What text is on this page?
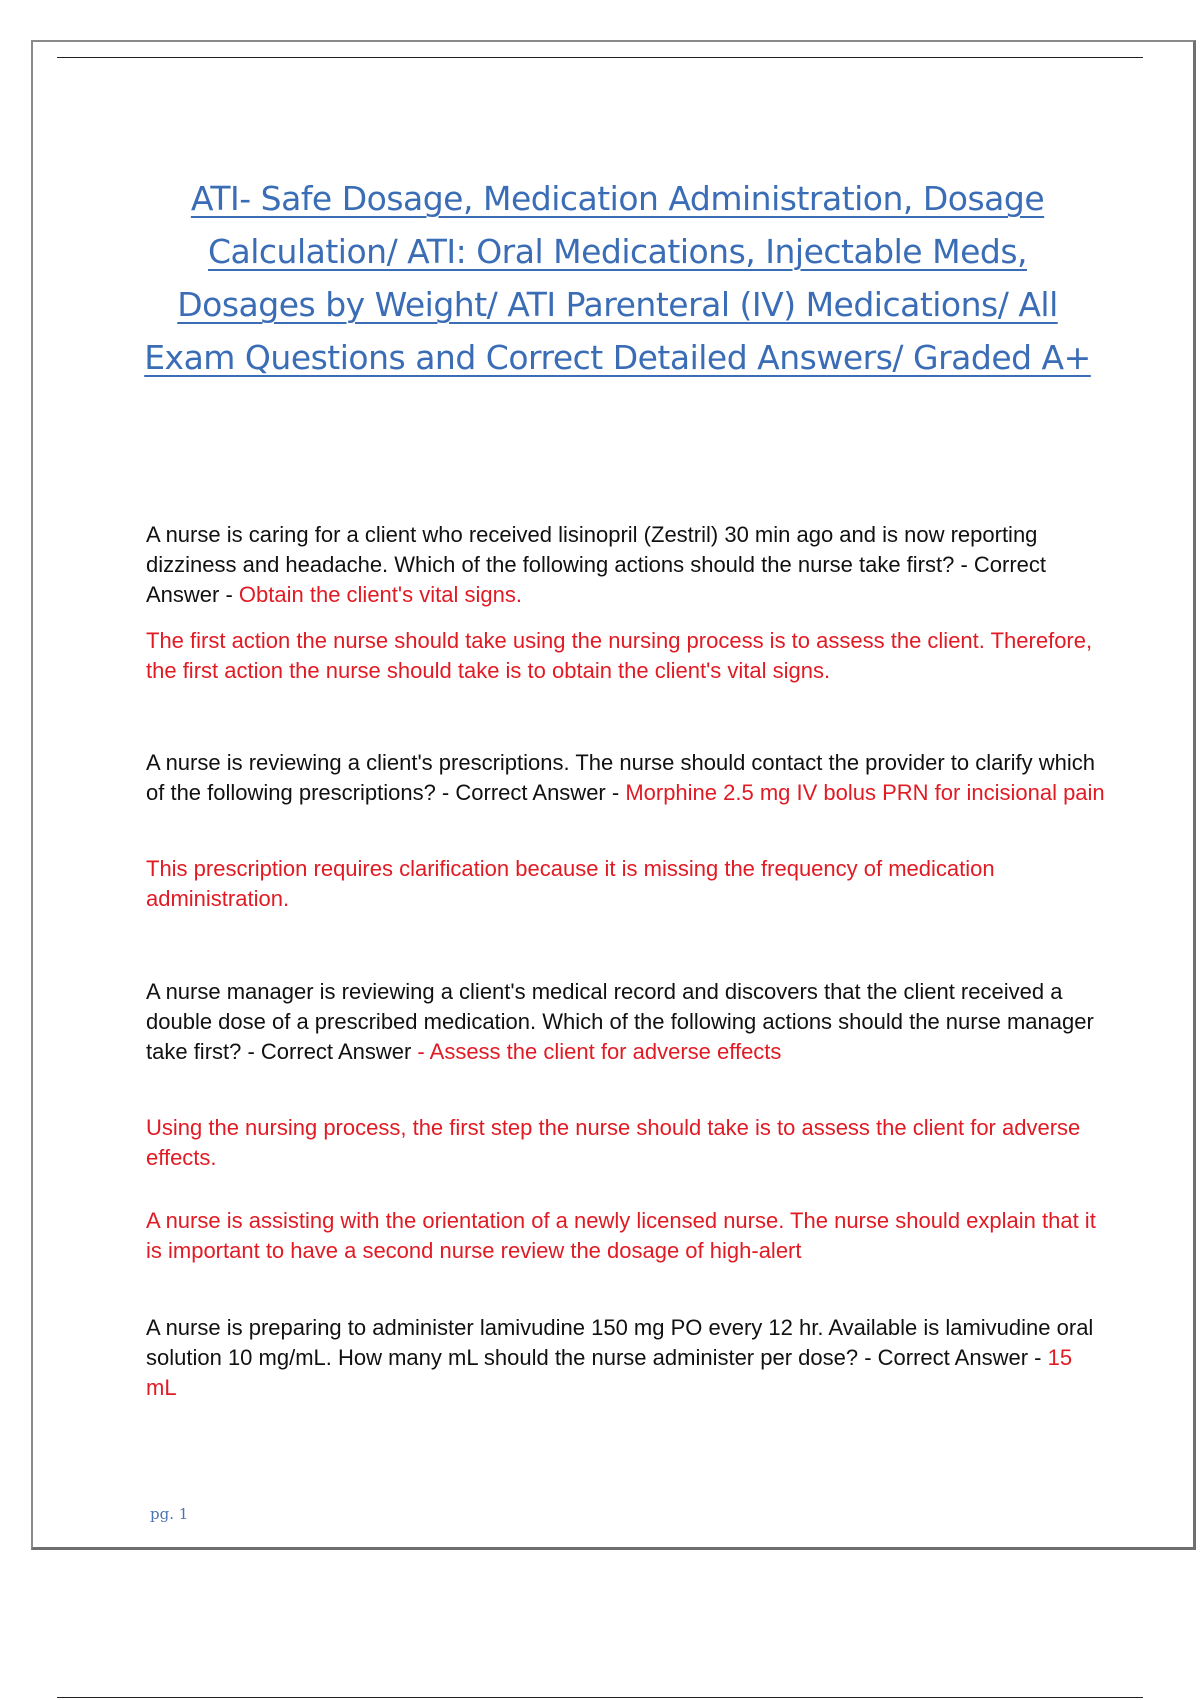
ATI- Safe Dosage, Medication Administration, Dosage
Calculation/ ATI: Oral Medications, Injectable Meds,
Dosages by Weight/ ATI Parenteral (IV) Medications/ All
Exam Questions and Correct Detailed Answers/ Graded A+

A nurse is caring for a client who received lisinopril (Zestril) 30 min ago and is now reporting dizziness and headache. Which of the following actions should the nurse take first? - Correct Answer - Obtain the client's vital signs.

The first action the nurse should take using the nursing process is to assess the client. Therefore, the first action the nurse should take is to obtain the client's vital signs.

A nurse is reviewing a client's prescriptions. The nurse should contact the provider to clarify which of the following prescriptions? - Correct Answer - Morphine 2.5 mg IV bolus PRN for incisional pain

This prescription requires clarification because it is missing the frequency of medication administration.

A nurse manager is reviewing a client's medical record and discovers that the client received a double dose of a prescribed medication. Which of the following actions should the nurse manager take first? - Correct Answer - Assess the client for adverse effects

Using the nursing process, the first step the nurse should take is to assess the client for adverse effects.

A nurse is assisting with the orientation of a newly licensed nurse. The nurse should explain that it is important to have a second nurse review the dosage of high-alert

A nurse is preparing to administer lamivudine 150 mg PO every 12 hr. Available is lamivudine oral solution 10 mg/mL. How many mL should the nurse administer per dose? - Correct Answer - 15 mL

pg. 1
